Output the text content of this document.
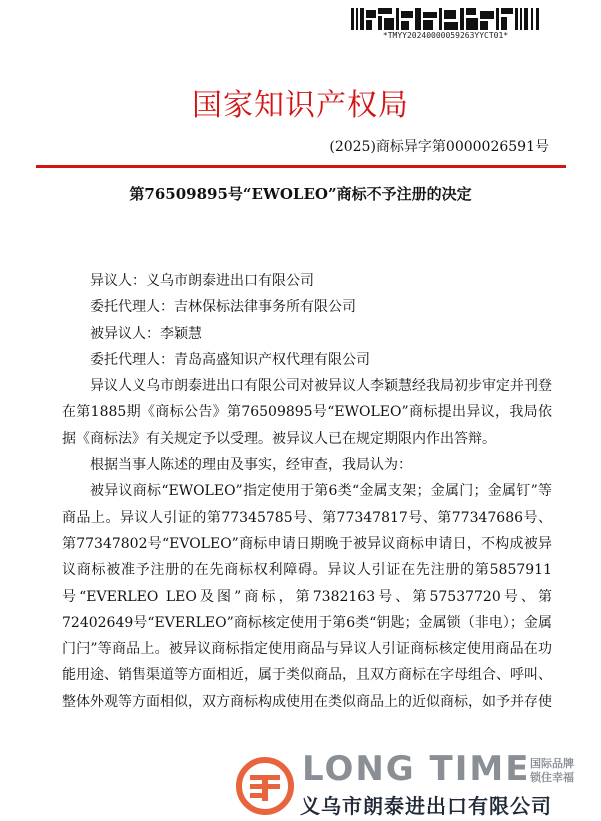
*TMYY20240000059263YYCT01*
国家知识产权局
(2025)商标异字第0000026591号
第76509895号“EWOLEO”商标不予注册的决定

异议人：义乌市朗泰进出口有限公司

委托代理人：吉林保标法律事务所有限公司

被异议人：李颖慧

委托代理人：青岛高盛知识产权代理有限公司

异议人义乌市朗泰进出口有限公司对被异议人李颖慧经我局初步审定并刊登在第1885期《商标公告》第76509895号“EWOLEO”商标提出异议，我局依据《商标法》有关规定予以受理。被异议人已在规定期限内作出答辩。

根据当事人陈述的理由及事实，经审查，我局认为：

被异议商标“EWOLEO”指定使用于第6类“金属支架；金属门；金属钉”等商品上。异议人引证的第77345785号、第77347817号、第77347686号、第77347802号“EVOLEO”商标申请日期晚于被异议商标申请日，不构成被异议商标被准予注册的在先商标权利障碍。异议人引证在先注册的第5857911号“EVERLEO LEO及图”商标，第7382163号、第57537720号、第72402649号“EVERLEO”商标核定使用于第6类“钥匙；金属锁（非电）；金属门闩”等商品上。被异议商标指定使用商品与异议人引证商标核定使用商品在功能用途、销售渠道等方面相近，属于类似商品，且双方商标在字母组合、呼叫、整体外观等方面相似，双方商标构成使用在类似商品上的近似商标，如予并存使

LONG TIME 国际品牌
锁住幸福
义乌市朗泰进出口有限公司
